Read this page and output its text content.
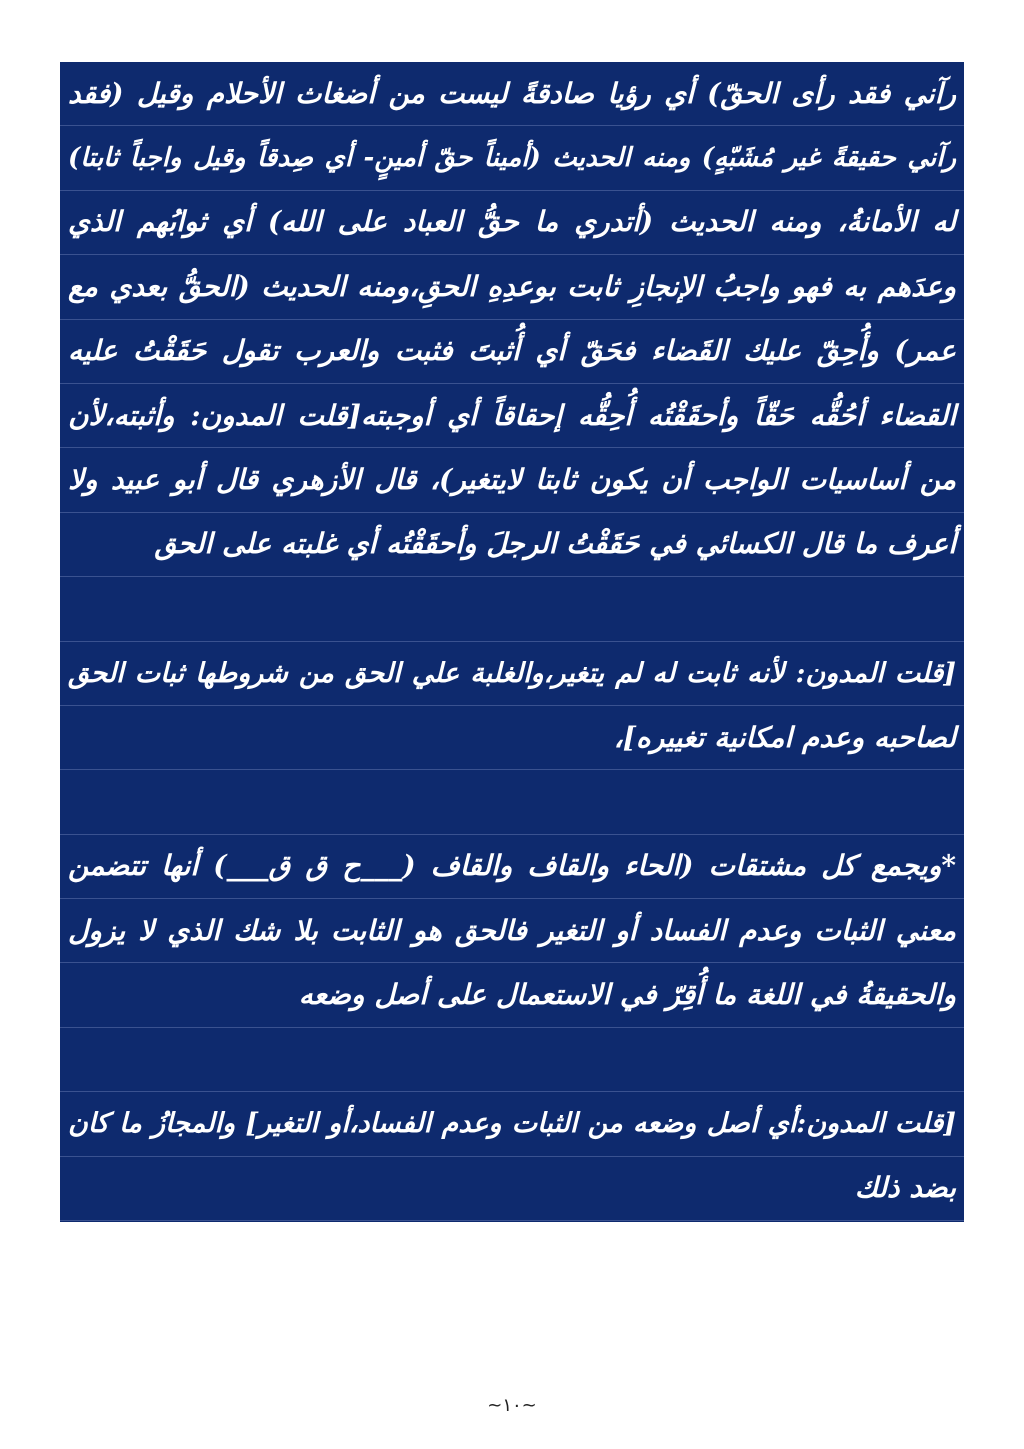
رآني فقد رأى الحقّ) أي رؤيا صادقةً ليست من أضغاث الأحلام وقيل (فقد
رآني حقيقةً غير مُشَبّهٍ) ومنه الحديث (أميناً حقّ أمينٍ- أي صِدقاً وقيل واجباً ثابتا)
له الأمانةُ، ومنه الحديث (أتدري ما حقُّ العباد على الله) أي ثوابُهم الذي
وعدَهم به فهو واجبُ الإنجازِ ثابت بوعدِهِ الحقِ،ومنه الحديث (الحقُّ بعدي مع
عمر) وأُحِقّ عليك القَضاء فحَقّ أي أُثبتَ فثبت والعرب تقول حَقَقْتُ عليه
القضاء أحُقُّه حَقّاً وأحقَقْتُه أُحِقُّه إحقاقاً أي أوجبته[قلت المدون: وأثبته،لأن
من أساسيات الواجب أن يكون ثابتا لايتغير)، قال الأزهري قال أبو عبيد ولا
أعرف ما قال الكسائي في حَقَقْتُ الرجلَ وأحقَقْتُه أي غلبته على الحق
[قلت المدون: لأنه ثابت له لم يتغير،والغلبة علي الحق من شروطها ثبات الحق
لصاحبه وعدم امكانية تغييره]،
*ويجمع كل مشتقات (الحاء والقاف والقاف (___ح ق ق___) أنها تتضمن
معني الثبات وعدم الفساد أو التغير فالحق هو الثابت بلا شك الذي لا يزول
والحقيقةُ في اللغة ما أُقِرّ في الاستعمال على أصل وضعه
[قلت المدون:أي أصل وضعه من الثبات وعدم الفساد،أو التغير] والمجازُ ما كان
بضد ذلك
~١٠~
